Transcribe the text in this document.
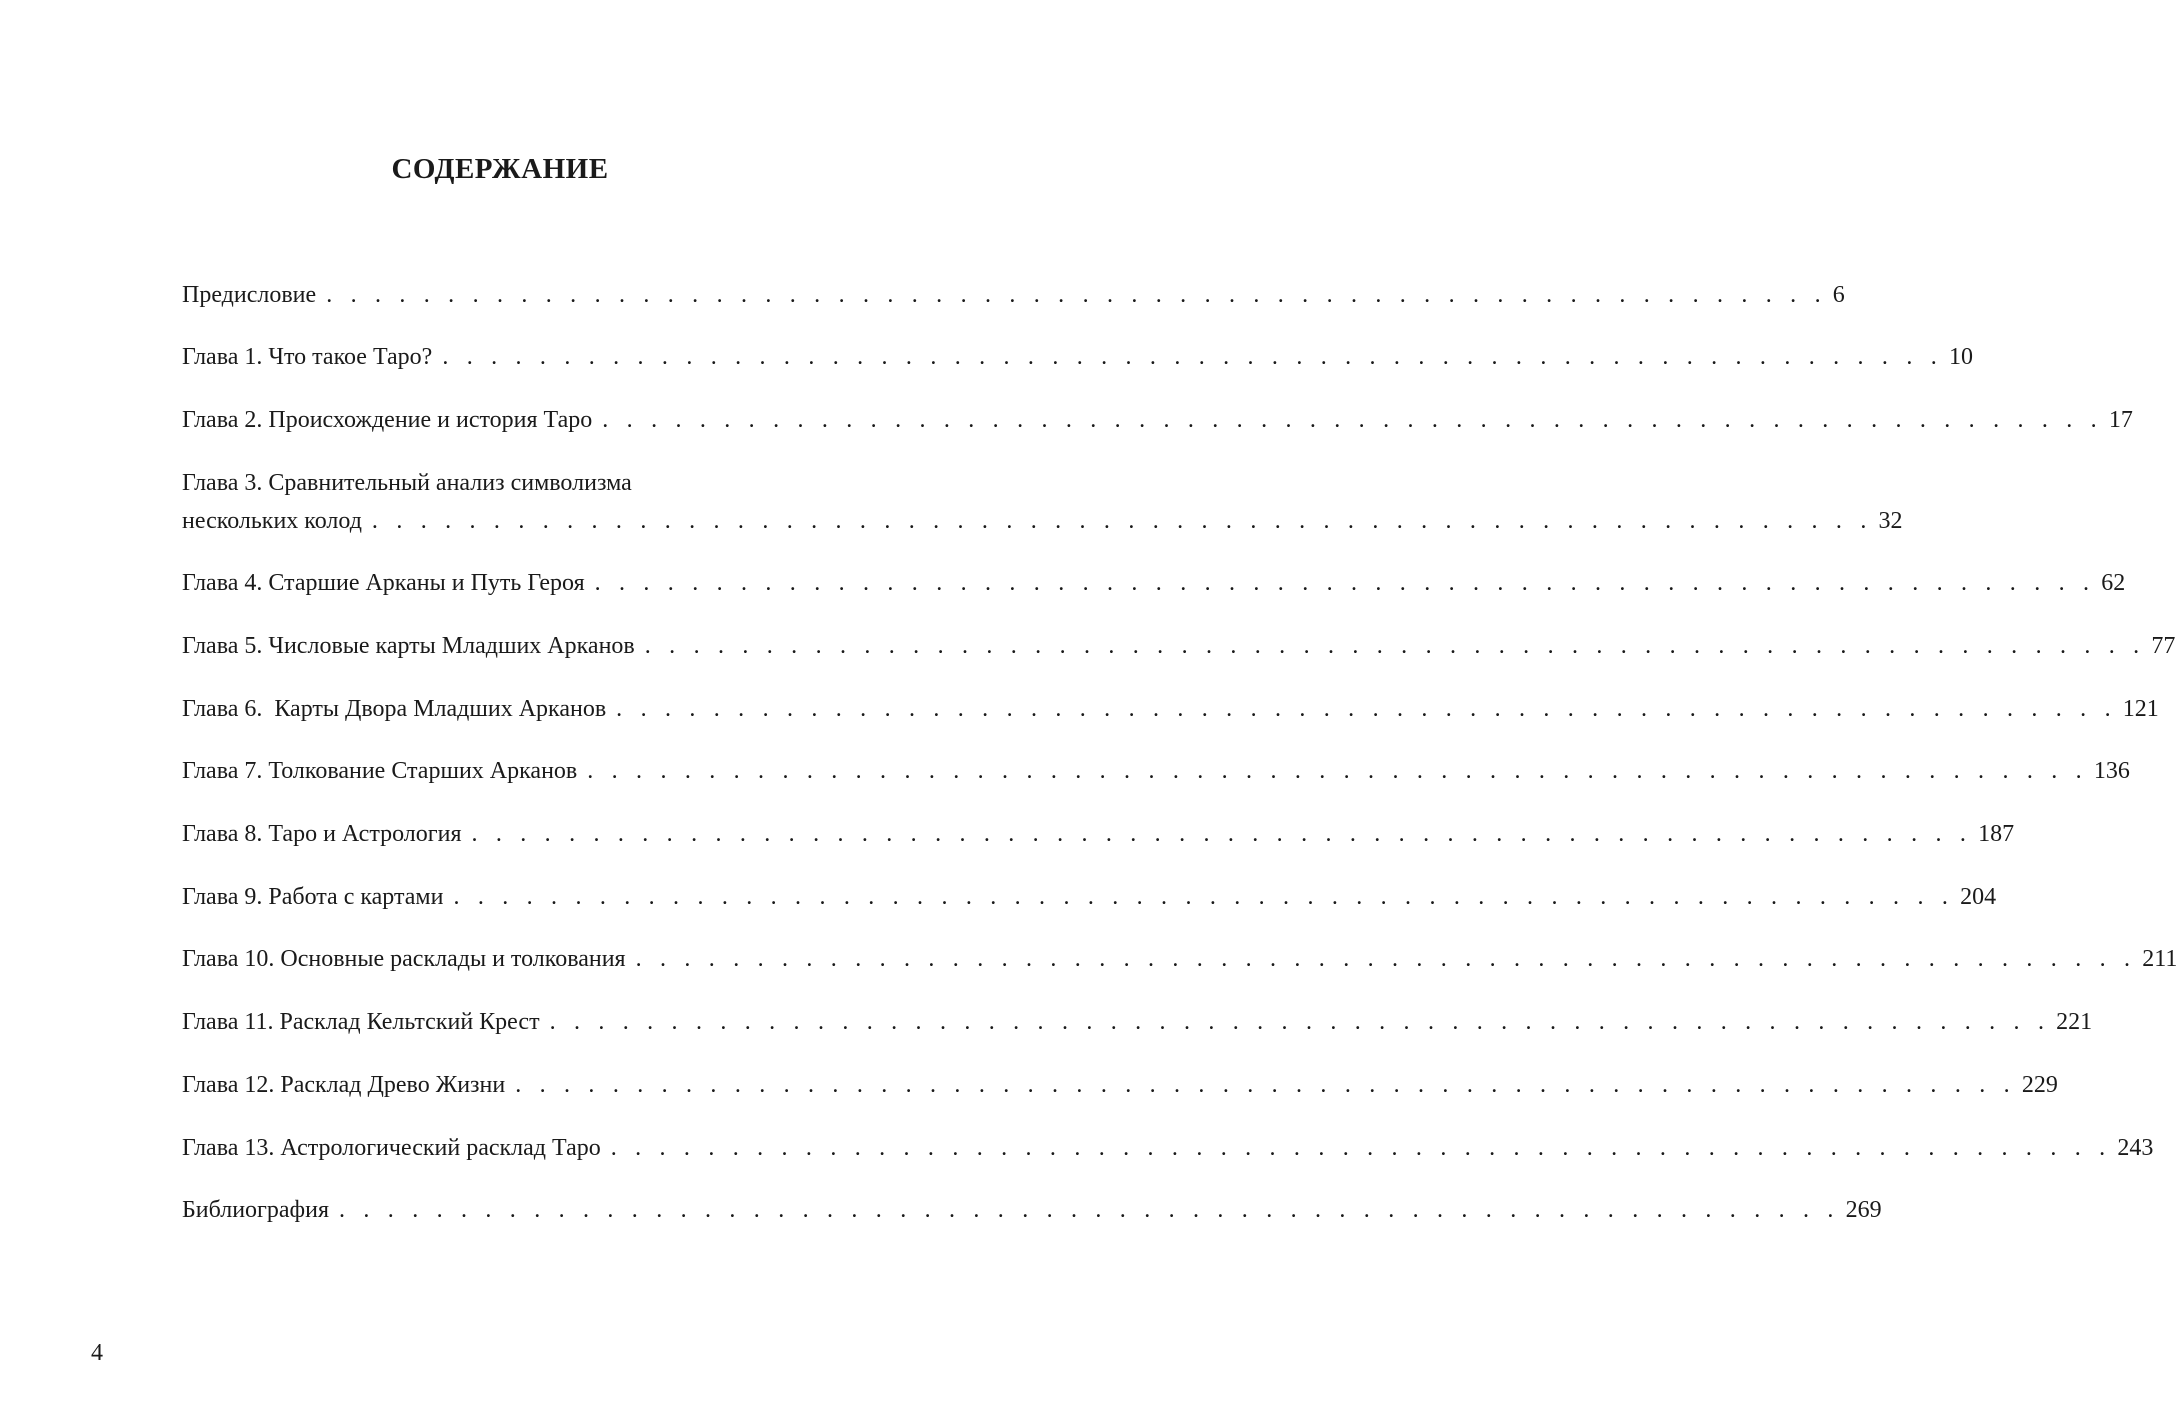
СОДЕРЖАНИЕ
Предисловие . . . . . . . . . . . . . . . . . . . . . . . . . . . . . . . . . . . . . . . . . . . . . . . . . . . . . . . . . . . . . . 6
Глава 1. Что такое Таро? . . . . . . . . . . . . . . . . . . . . . . . . . . . . . . . . . . . . . . . . . . . . . . . . . . . . . . . . . . . . . . 10
Глава 2. Происхождение и история Таро . . . . . . . . . . . . . . . . . . . . . . . . . . . . . . . . . . . . . . . . . . . . . . . . . . . . . . . . . . . . . . 17
Глава 3. Сравнительный анализ символизма
нескольких колод . . . . . . . . . . . . . . . . . . . . . . . . . . . . . . . . . . . . . . . . . . . . . . . . . . . . . . . . . . . . . . 32
Глава 4. Старшие Арканы и Путь Героя . . . . . . . . . . . . . . . . . . . . . . . . . . . . . . . . . . . . . . . . . . . . . . . . . . . . . . . . . . . . . . 62
Глава 5. Числовые карты Младших Арканов . . . . . . . . . . . . . . . . . . . . . . . . . . . . . . . . . . . . . . . . . . . . . . . . . . . . . . . . . . . . . . 77
Глава 6.  Карты Двора Младших Арканов . . . . . . . . . . . . . . . . . . . . . . . . . . . . . . . . . . . . . . . . . . . . . . . . . . . . . . . . . . . . . . 121
Глава 7. Толкование Старших Арканов . . . . . . . . . . . . . . . . . . . . . . . . . . . . . . . . . . . . . . . . . . . . . . . . . . . . . . . . . . . . . . 136
Глава 8. Таро и Астрология . . . . . . . . . . . . . . . . . . . . . . . . . . . . . . . . . . . . . . . . . . . . . . . . . . . . . . . . . . . . . . 187
Глава 9. Работа с картами . . . . . . . . . . . . . . . . . . . . . . . . . . . . . . . . . . . . . . . . . . . . . . . . . . . . . . . . . . . . . . 204
Глава 10. Основные расклады и толкования . . . . . . . . . . . . . . . . . . . . . . . . . . . . . . . . . . . . . . . . . . . . . . . . . . . . . . . . . . . . . . 211
Глава 11. Расклад Кельтский Крест . . . . . . . . . . . . . . . . . . . . . . . . . . . . . . . . . . . . . . . . . . . . . . . . . . . . . . . . . . . . . . 221
Глава 12. Расклад Древо Жизни . . . . . . . . . . . . . . . . . . . . . . . . . . . . . . . . . . . . . . . . . . . . . . . . . . . . . . . . . . . . . . 229
Глава 13. Астрологический расклад Таро . . . . . . . . . . . . . . . . . . . . . . . . . . . . . . . . . . . . . . . . . . . . . . . . . . . . . . . . . . . . . . 243
Библиография . . . . . . . . . . . . . . . . . . . . . . . . . . . . . . . . . . . . . . . . . . . . . . . . . . . . . . . . . . . . . . 269
4
